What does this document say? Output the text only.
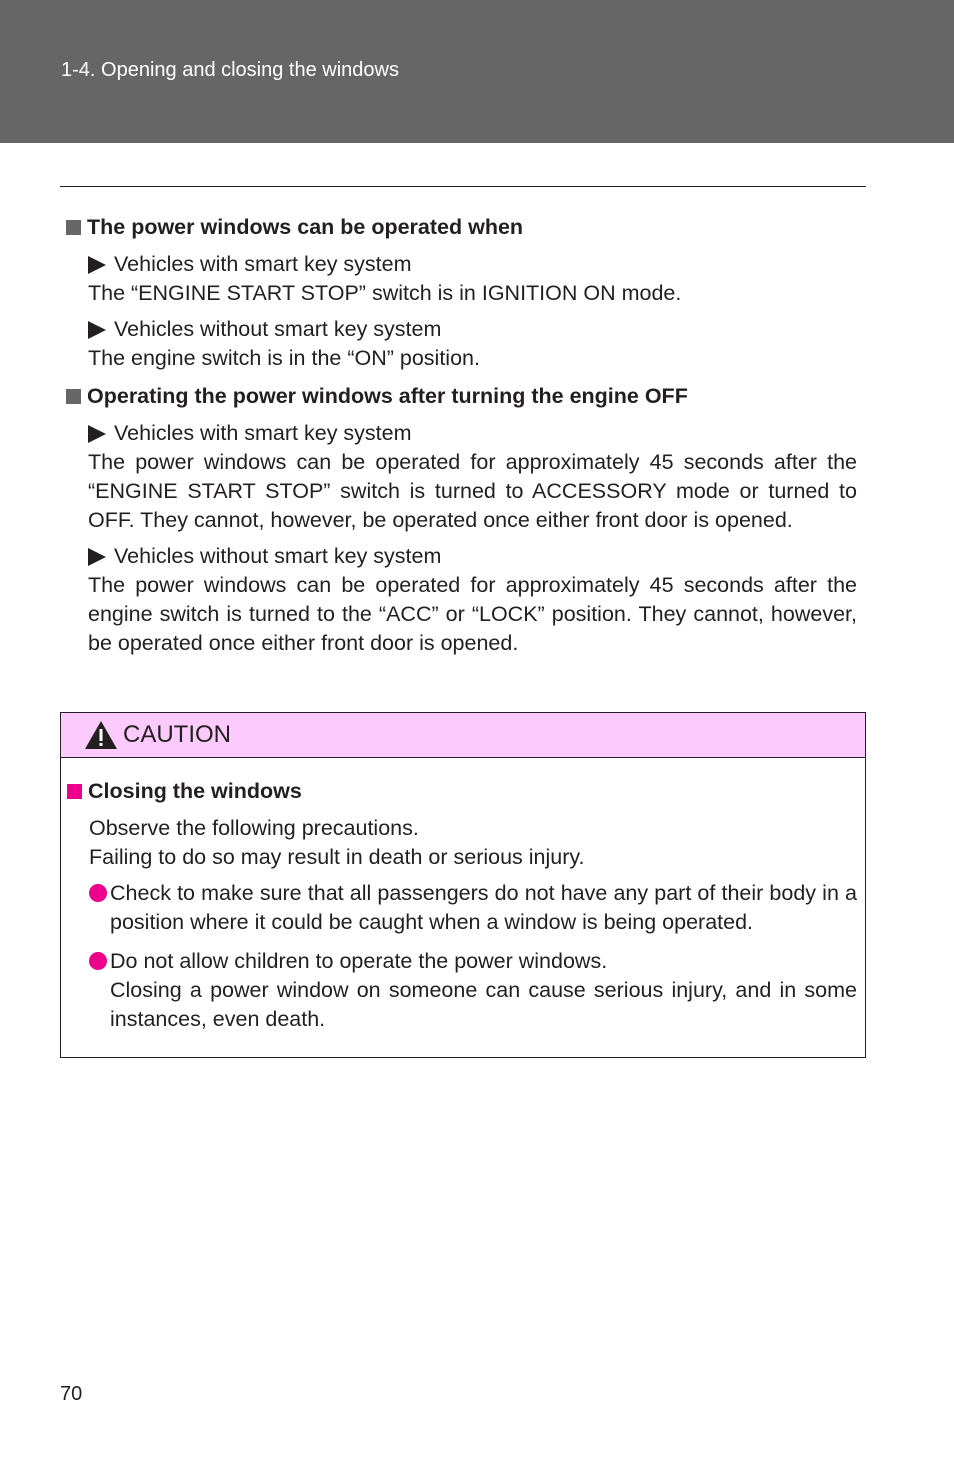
1-4. Opening and closing the windows
The power windows can be operated when
Vehicles with smart key system
The “ENGINE START STOP” switch is in IGNITION ON mode.
Vehicles without smart key system
The engine switch is in the “ON” position.
Operating the power windows after turning the engine OFF
Vehicles with smart key system
The power windows can be operated for approximately 45 seconds after the “ENGINE START STOP” switch is turned to ACCESSORY mode or turned to OFF. They cannot, however, be operated once either front door is opened.
Vehicles without smart key system
The power windows can be operated for approximately 45 seconds after the engine switch is turned to the “ACC” or “LOCK” position. They cannot, however, be operated once either front door is opened.
CAUTION
Closing the windows
Observe the following precautions.
Failing to do so may result in death or serious injury.
Check to make sure that all passengers do not have any part of their body in a position where it could be caught when a window is being operated.
Do not allow children to operate the power windows.
Closing a power window on someone can cause serious injury, and in some instances, even death.
70
